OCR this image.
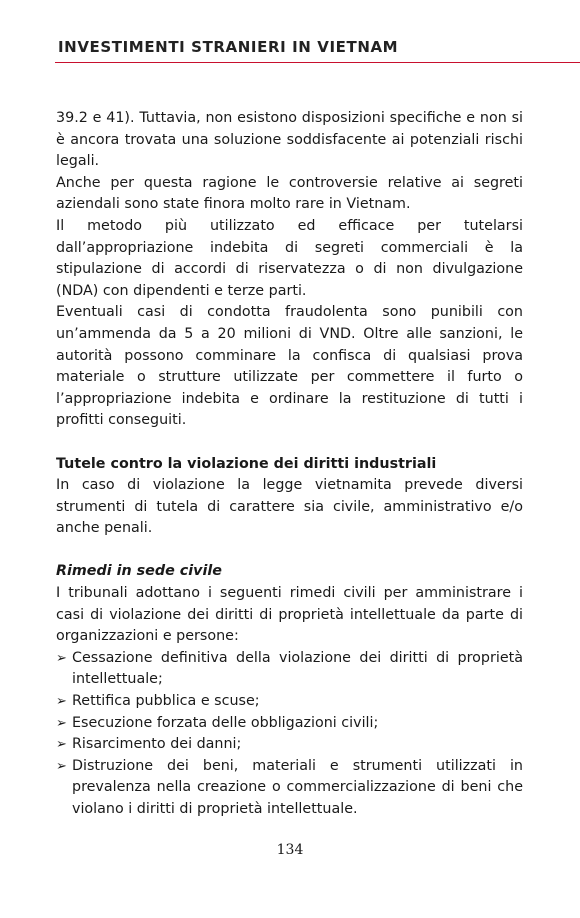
INVESTIMENTI STRANIERI IN VIETNAM

39.2 e 41). Tuttavia, non esistono disposizioni specifiche e non si è ancora trovata una soluzione soddisfacente ai potenziali rischi legali.

Anche per questa ragione le controversie relative ai segreti aziendali sono state finora molto rare in Vietnam.

Il metodo più utilizzato ed efficace per tutelarsi dall’appropriazione indebita di segreti commerciali è la stipulazione di accordi di riservatezza o di non divulgazione (NDA) con dipendenti e terze parti.

Eventuali casi di condotta fraudolenta sono punibili con un’ammenda da 5 a 20 milioni di VND. Oltre alle sanzioni, le autorità possono comminare la confisca di qualsiasi prova materiale o strutture utilizzate per commettere il furto o l’appropriazione indebita e ordinare la restituzione di tutti i profitti conseguiti.

Tutele contro la violazione dei diritti industriali

In caso di violazione la legge vietnamita prevede diversi strumenti di tutela di carattere sia civile, amministrativo e/o anche penali.

Rimedi in sede civile

I tribunali adottano i seguenti rimedi civili per amministrare i casi di violazione dei diritti di proprietà intellettuale da parte di organizzazioni e persone:

➢ Cessazione definitiva della violazione dei diritti di proprietà intellettuale;
➢ Rettifica pubblica e scuse;
➢ Esecuzione forzata delle obbligazioni civili;
➢ Risarcimento dei danni;
➢ Distruzione dei beni, materiali e strumenti utilizzati in prevalenza nella creazione o commercializzazione di beni che violano i diritti di proprietà intellettuale.
134
